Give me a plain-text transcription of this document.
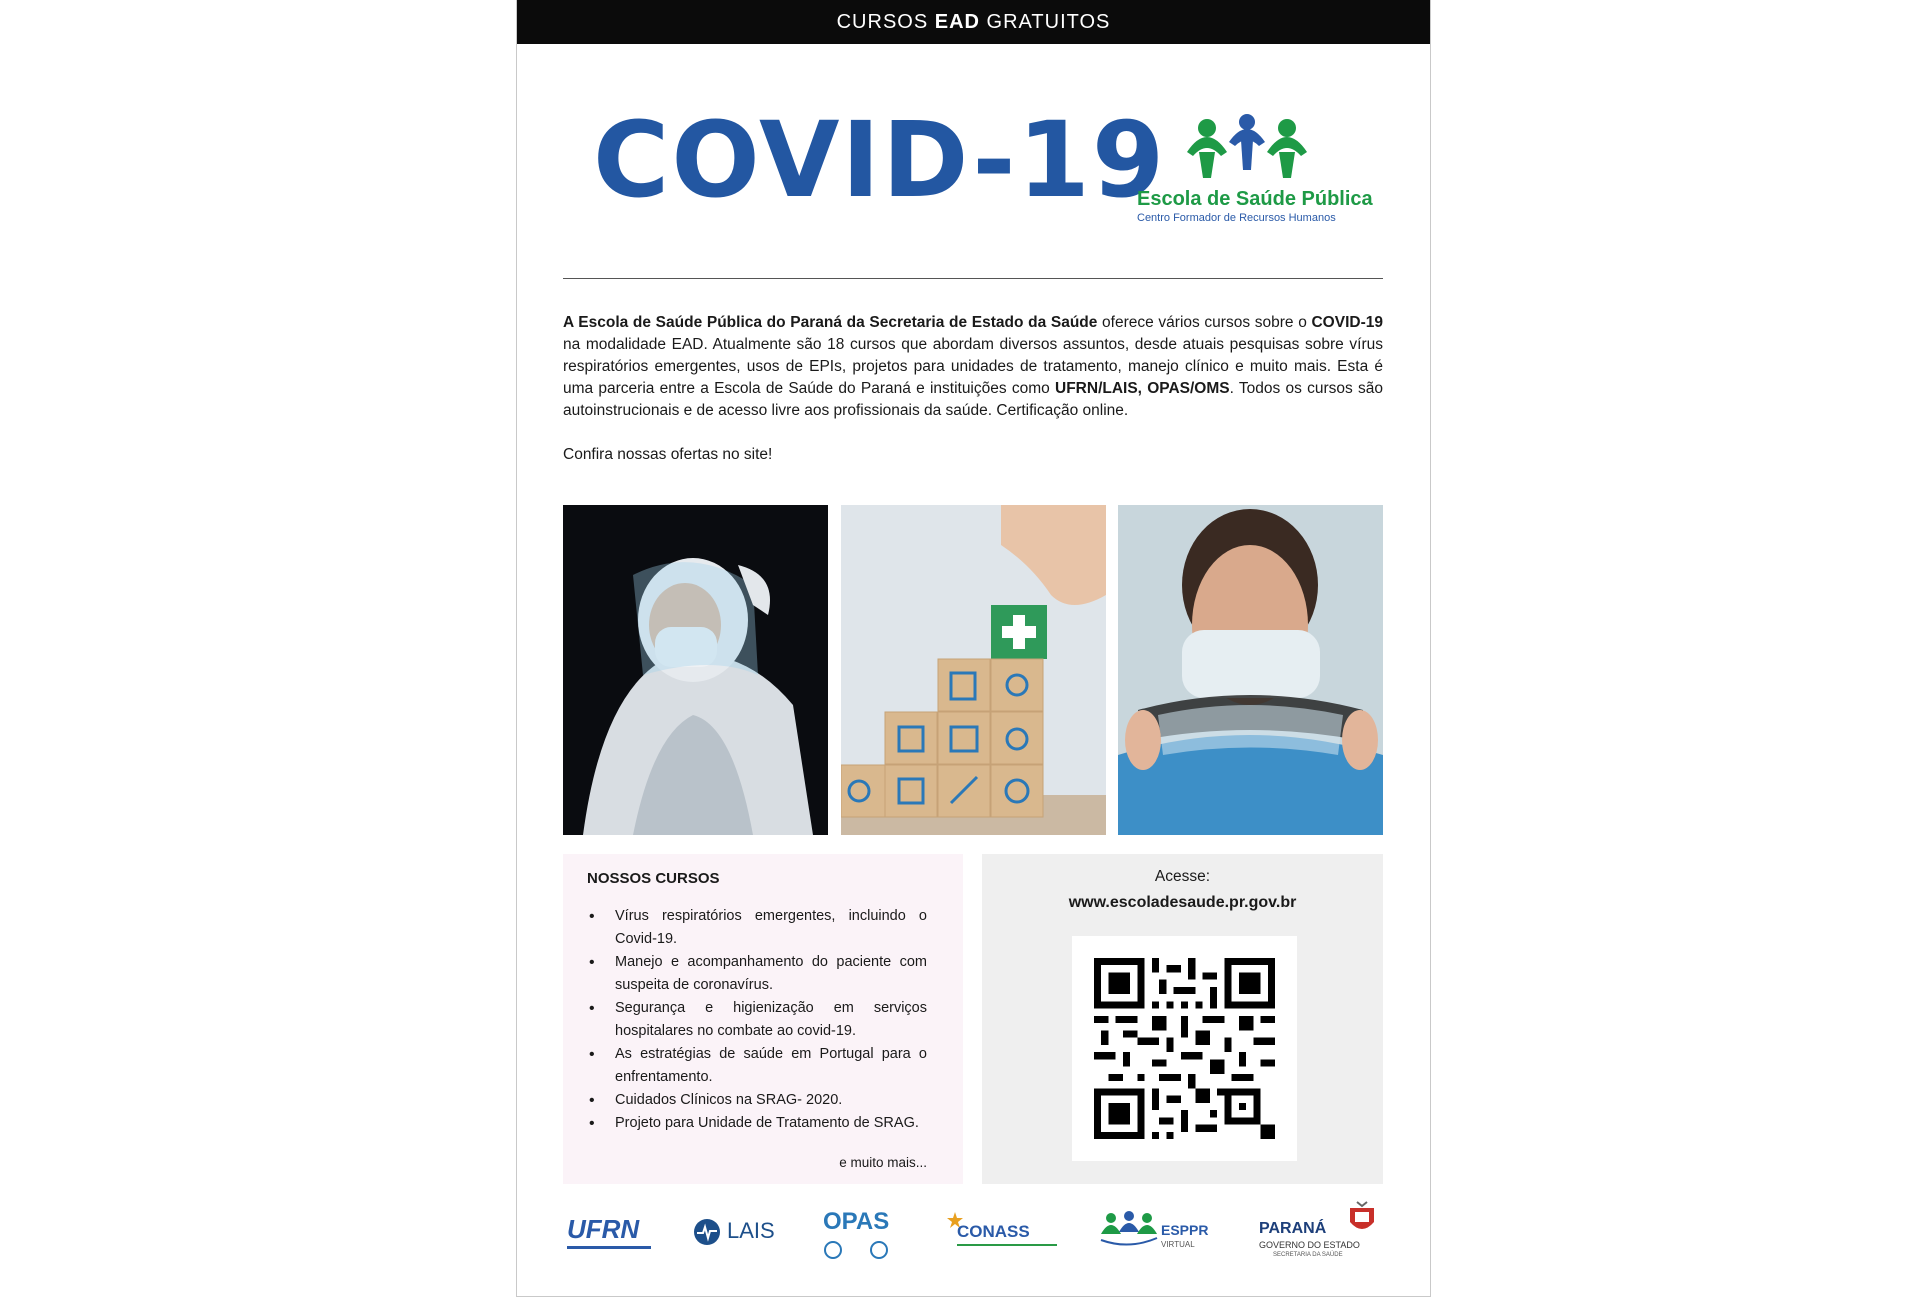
CURSOS EAD GRATUITOS
COVID-19
Escola de Saúde Pública
Centro Formador de Recursos Humanos

A Escola de Saúde Pública do Paraná da Secretaria de Estado da Saúde oferece vários cursos sobre o COVID-19 na modalidade EAD. Atualmente são 18 cursos que abordam diversos assuntos, desde atuais pesquisas sobre vírus respiratórios emergentes, usos de EPIs, projetos para unidades de tratamento, manejo clínico e muito mais. Esta é uma parceria entre a Escola de Saúde do Paraná e instituições como UFRN/LAIS, OPAS/OMS. Todos os cursos são autoinstrucionais e de acesso livre aos profissionais da saúde. Certificação online.

Confira nossas ofertas no site!

NOSSOS CURSOS
• Vírus respiratórios emergentes, incluindo o Covid-19.
• Manejo e acompanhamento do paciente com suspeita de coronavírus.
• Segurança e higienização em serviços hospitalares no combate ao covid-19.
• As estratégias de saúde em Portugal para o enfrentamento.
• Cuidados Clínicos na SRAG- 2020.
• Projeto para Unidade de Tratamento de SRAG.
e muito mais...
Acesse:
www.escoladesaude.pr.gov.br
UFRN	LAIS OPAS	CONASS	ESPPR
VIRTUAL
PARANÁ
GOVERNO DO ESTADO
SECRETARIA DA SAÚDE
